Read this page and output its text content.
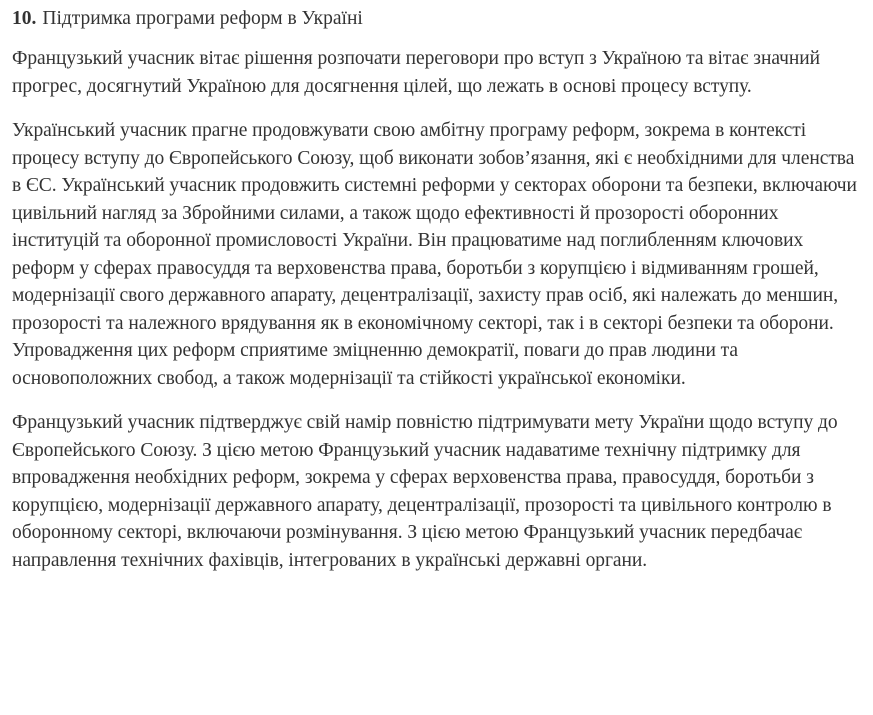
10. Підтримка програми реформ в Україні

Французький учасник вітає рішення розпочати переговори про вступ з Україною та вітає значний прогрес, досягнутий Україною для досягнення цілей, що лежать в основі процесу вступу.

Український учасник прагне продовжувати свою амбітну програму реформ, зокрема в контексті процесу вступу до Європейського Союзу, щоб виконати зобов’язання, які є необхідними для членства в ЄС. Український учасник продовжить системні реформи у секторах оборони та безпеки, включаючи цивільний нагляд за Збройними силами, а також щодо ефективності й прозорості оборонних інституцій та оборонної промисловості України. Він працюватиме над поглибленням ключових реформ у сферах правосуддя та верховенства права, боротьби з корупцією і відмиванням грошей, модернізації свого державного апарату, децентралізації, захисту прав осіб, які належать до меншин, прозорості та належного врядування як в економічному секторі, так і в секторі безпеки та оборони. Упровадження цих реформ сприятиме зміцненню демократії, поваги до прав людини та основоположних свобод, а також модернізації та стійкості української економіки.

Французький учасник підтверджує свій намір повністю підтримувати мету України щодо вступу до Європейського Союзу. З цією метою Французький учасник надаватиме технічну підтримку для впровадження необхідних реформ, зокрема у сферах верховенства права, правосуддя, боротьби з корупцією, модернізації державного апарату, децентралізації, прозорості та цивільного контролю в оборонному секторі, включаючи розмінування. З цією метою Французький учасник передбачає направлення технічних фахівців, інтегрованих в українські державні органи.
